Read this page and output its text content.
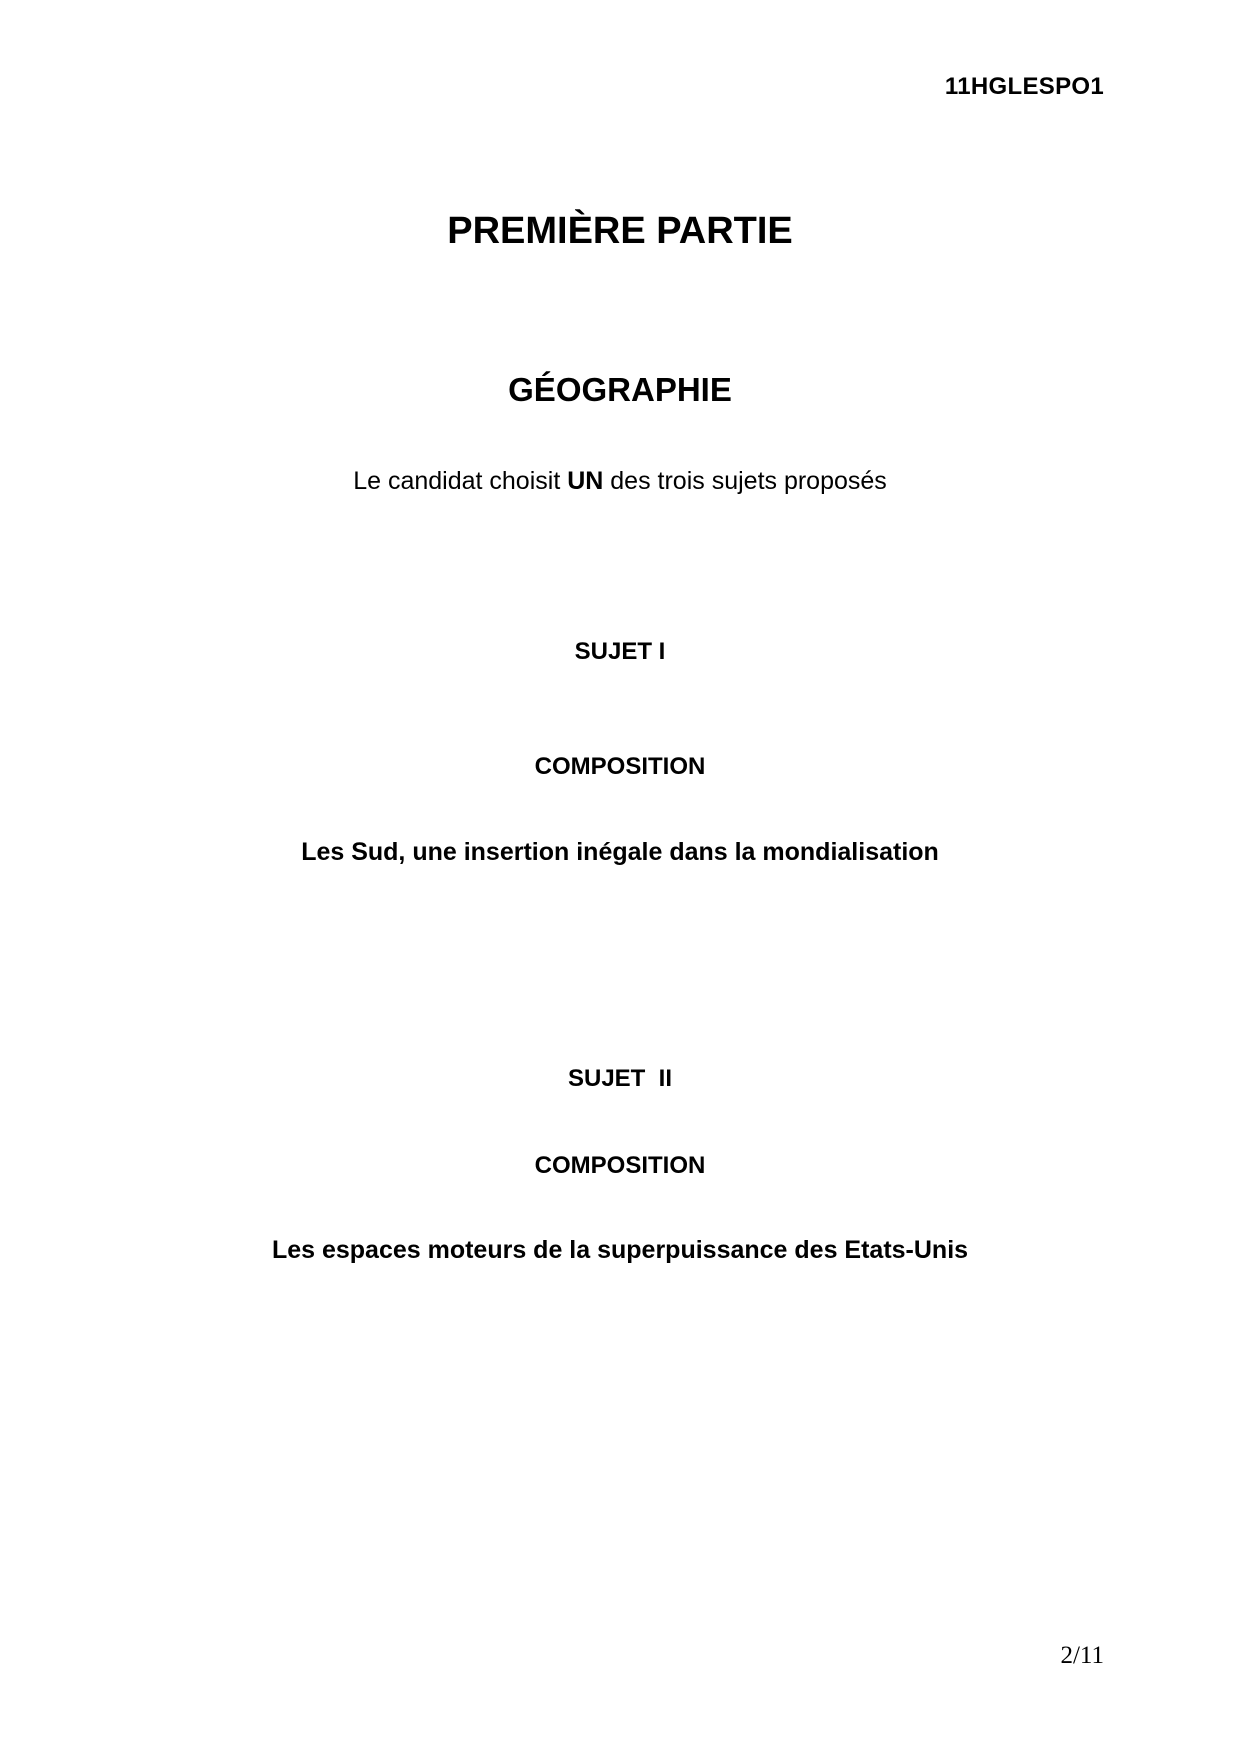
11HGLESPO1
PREMIÈRE PARTIE
GÉOGRAPHIE
Le candidat choisit UN des trois sujets proposés
SUJET I
COMPOSITION
Les Sud, une insertion inégale dans la mondialisation
SUJET  II
COMPOSITION
Les espaces moteurs de la superpuissance des Etats-Unis
2/11
